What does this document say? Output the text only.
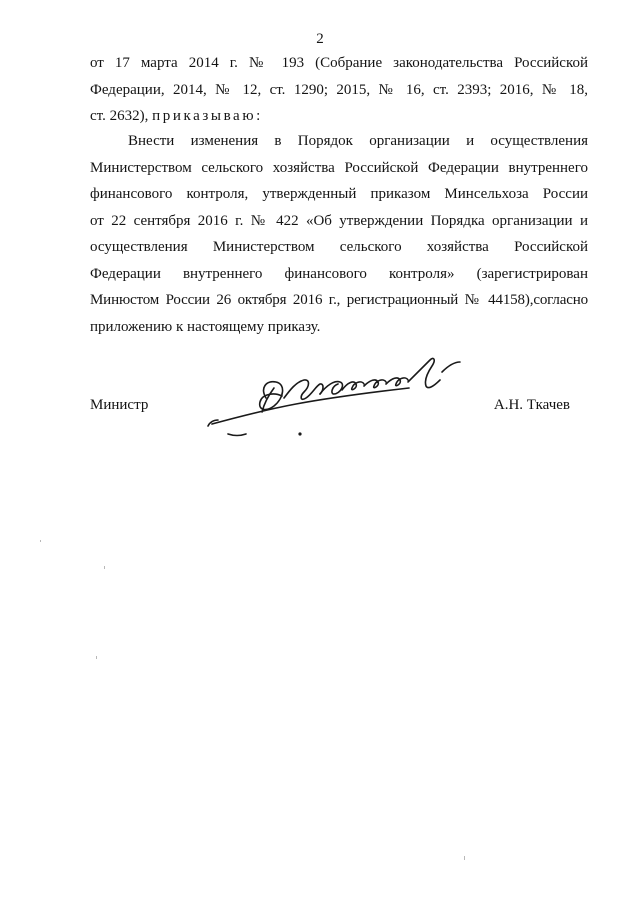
2
от 17 марта 2014 г. № 193 (Собрание законодательства Российской
Федерации, 2014, № 12, ст. 1290; 2015, № 16, ст. 2393; 2016, № 18,
ст. 2632), приказываю:
Внести изменения в Порядок организации и осуществления
Министерством сельского хозяйства Российской Федерации внутреннего
финансового контроля, утвержденный приказом Минсельхоза России
от 22 сентября 2016 г. № 422 «Об утверждении Порядка организации и
осуществления Министерством сельского хозяйства Российской
Федерации внутреннего финансового контроля» (зарегистрирован
Минюстом России 26 октября 2016 г., регистрационный № 44158),согласно
приложению к настоящему приказу.
Министр	А.Н. Ткачев
